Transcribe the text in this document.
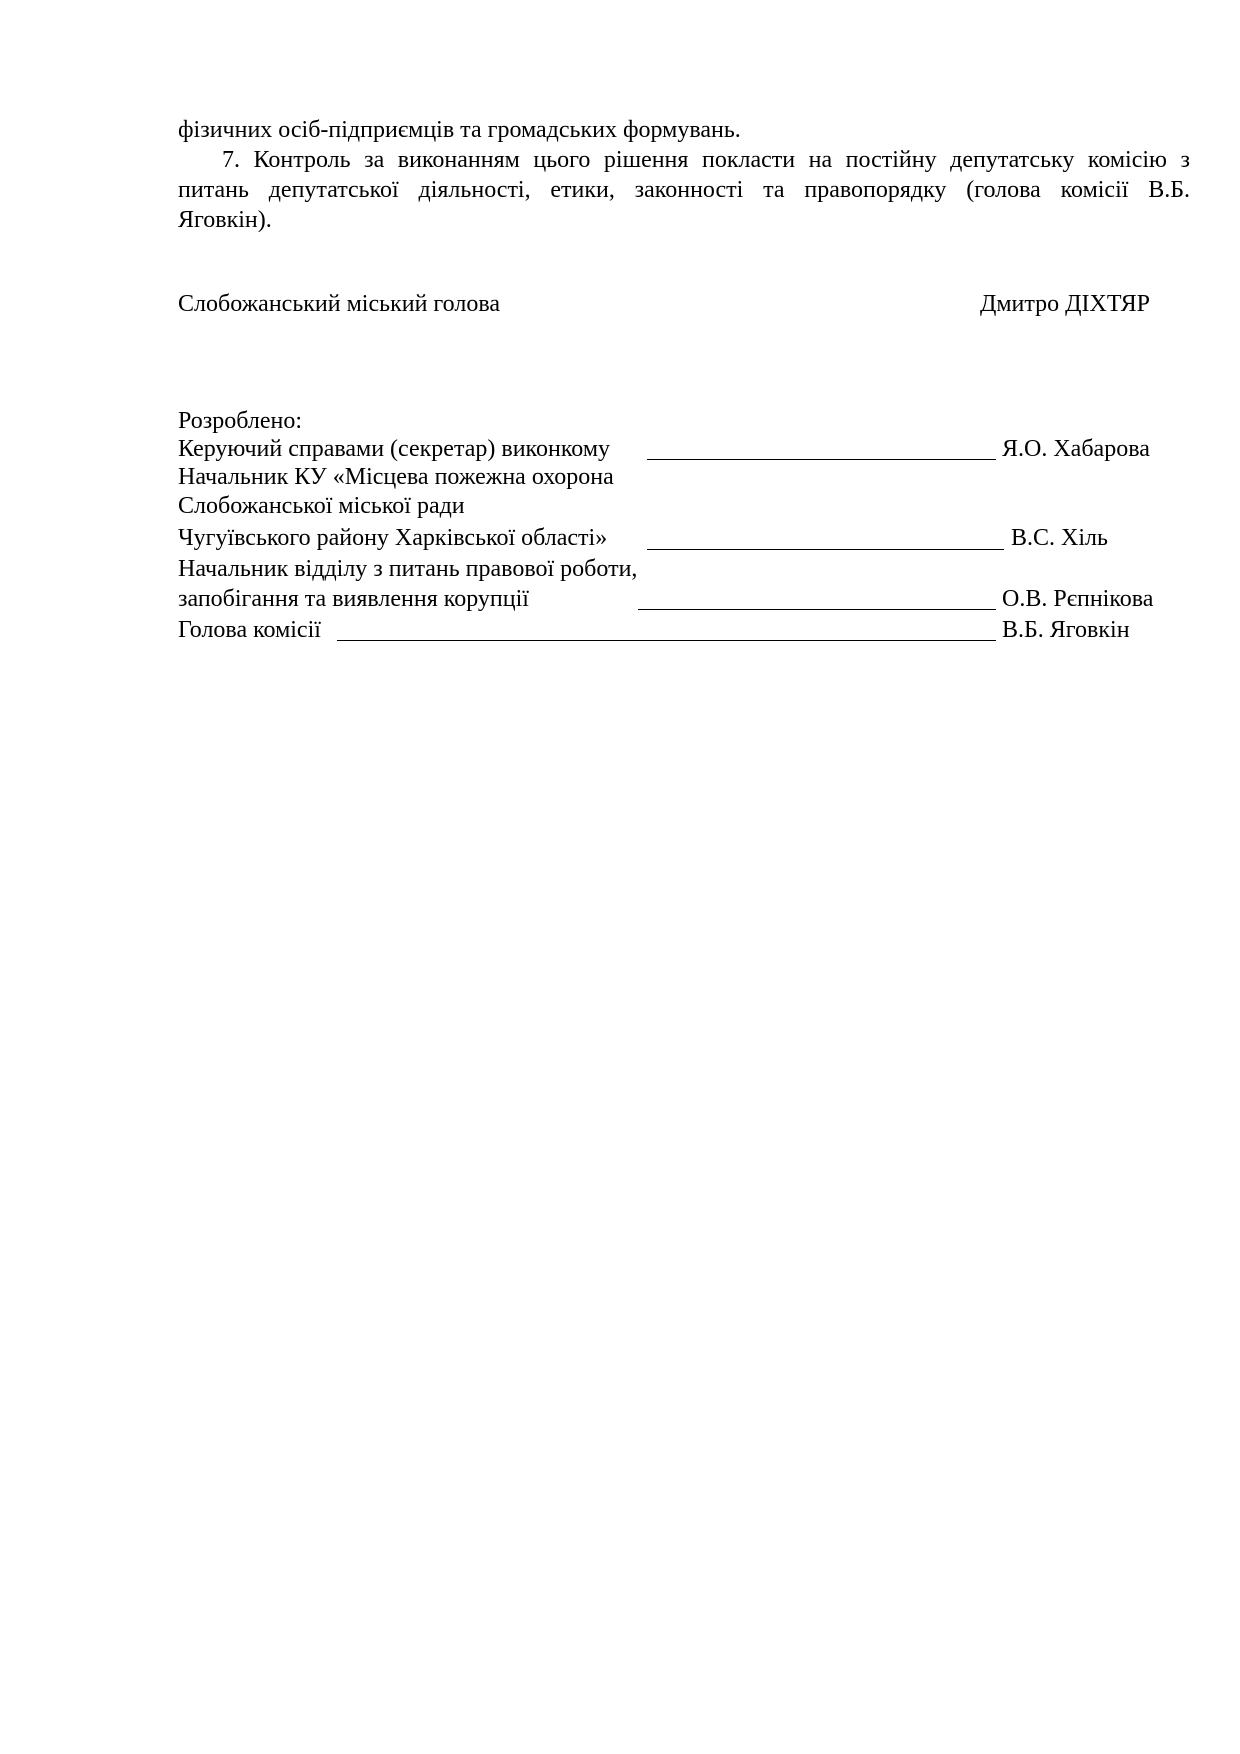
фізичних осіб-підприємців та громадських формувань.
7. Контроль за виконанням цього рішення покласти на постійну депутатську комісію з
питань депутатської діяльності, етики, законності та правопорядку (голова комісії В.Б.
Яговкін).
Слобожанський міський голова	Дмитро ДІХТЯР
Розроблено:
Керуючий справами (секретар) виконкому	Я.О. Хабарова
Начальник КУ «Місцева пожежна охорона
Слобожанської міської ради
Чугуївського району Харківської області»	В.С. Хіль
Начальник відділу з питань правової роботи,
запобігання та виявлення корупції	О.В. Рєпнікова
Голова комісії	В.Б. Яговкін
